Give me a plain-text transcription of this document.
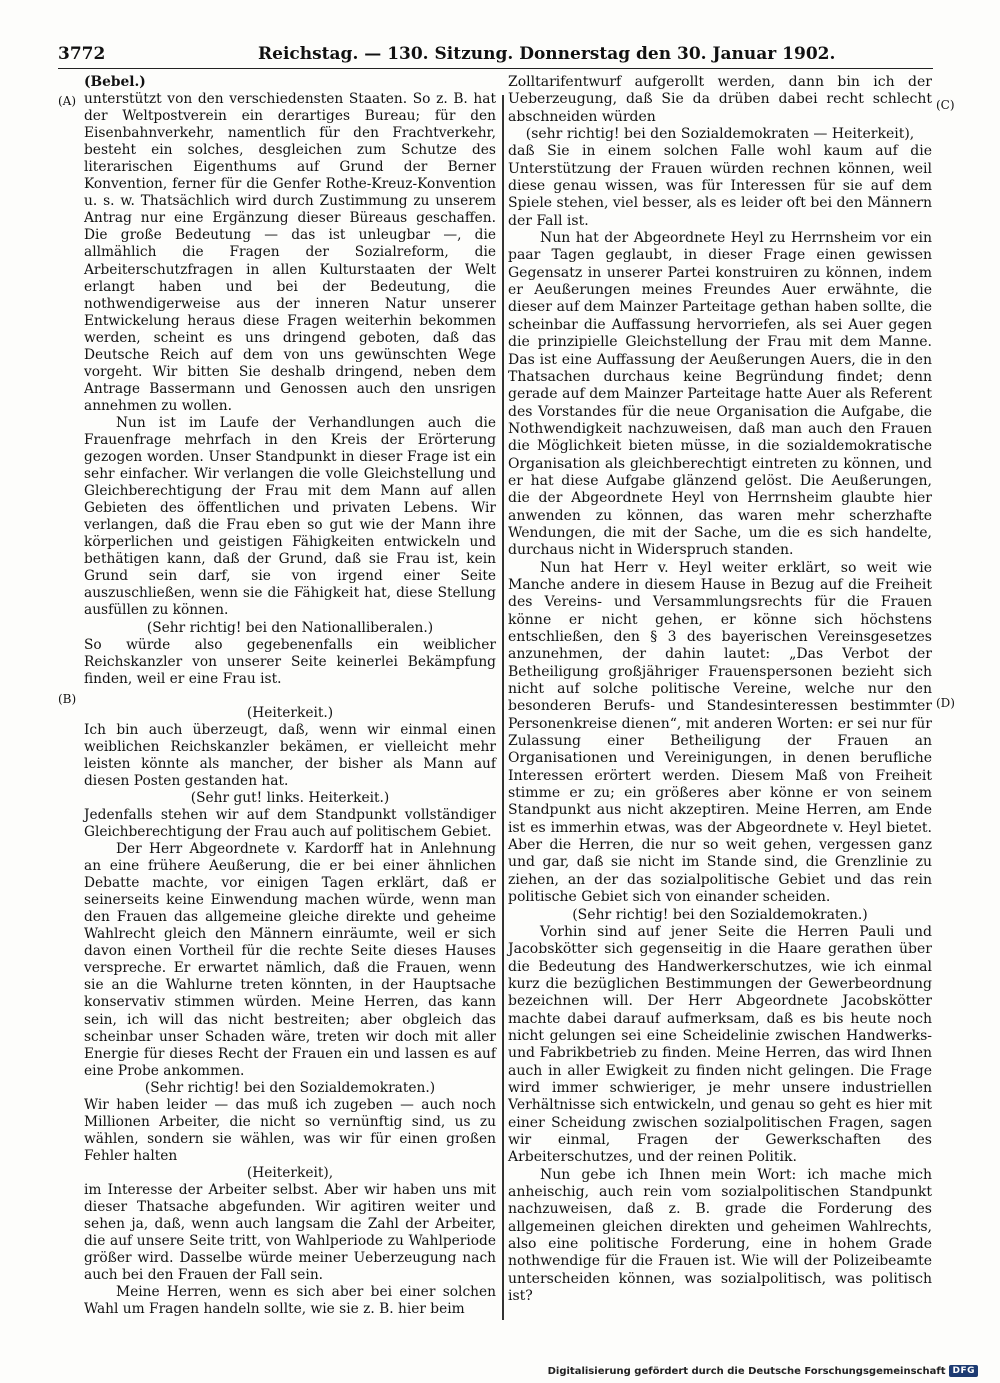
3772	Reichstag. — 130. Sitzung. Donnerstag den 30. Januar 1902.
(A)
(B)
(C)
(D)

(Bebel.)

unterstützt von den verschiedensten Staaten. So z. B. hat der Weltpostverein ein derartiges Bureau; für den Eisenbahnverkehr, namentlich für den Frachtverkehr, besteht ein solches, desgleichen zum Schutze des literarischen Eigenthums auf Grund der Berner Konvention, ferner für die Genfer Rothe-Kreuz-Konvention u. s. w. Thatsächlich wird durch Zustimmung zu unserem Antrag nur eine Ergänzung dieser Büreaus geschaffen. Die große Bedeutung — das ist unleugbar —, die allmählich die Fragen der Sozialreform, die Arbeiterschutzfragen in allen Kulturstaaten der Welt erlangt haben und bei der Bedeutung, die nothwendigerweise aus der inneren Natur unserer Entwickelung heraus diese Fragen weiterhin bekommen werden, scheint es uns dringend geboten, daß das Deutsche Reich auf dem von uns gewünschten Wege vorgeht. Wir bitten Sie deshalb dringend, neben dem Antrage Bassermann und Genossen auch den unsrigen annehmen zu wollen.

Nun ist im Laufe der Verhandlungen auch die Frauenfrage mehrfach in den Kreis der Erörterung gezogen worden. Unser Standpunkt in dieser Frage ist ein sehr einfacher. Wir verlangen die volle Gleichstellung und Gleichberechtigung der Frau mit dem Mann auf allen Gebieten des öffentlichen und privaten Lebens. Wir verlangen, daß die Frau eben so gut wie der Mann ihre körperlichen und geistigen Fähigkeiten entwickeln und bethätigen kann, daß der Grund, daß sie Frau ist, kein Grund sein darf, sie von irgend einer Seite auszuschließen, wenn sie die Fähigkeit hat, diese Stellung ausfüllen zu können.

(Sehr richtig! bei den Nationalliberalen.)

So würde also gegebenenfalls ein weiblicher Reichskanzler von unserer Seite keinerlei Bekämpfung finden, weil er eine Frau ist.

(Heiterkeit.)

Ich bin auch überzeugt, daß, wenn wir einmal einen weiblichen Reichskanzler bekämen, er vielleicht mehr leisten könnte als mancher, der bisher als Mann auf diesen Posten gestanden hat.

(Sehr gut! links. Heiterkeit.)

Jedenfalls stehen wir auf dem Standpunkt vollständiger Gleichberechtigung der Frau auch auf politischem Gebiet.

Der Herr Abgeordnete v. Kardorff hat in Anlehnung an eine frühere Aeußerung, die er bei einer ähnlichen Debatte machte, vor einigen Tagen erklärt, daß er seinerseits keine Einwendung machen würde, wenn man den Frauen das allgemeine gleiche direkte und geheime Wahlrecht gleich den Männern einräumte, weil er sich davon einen Vortheil für die rechte Seite dieses Hauses verspreche. Er erwartet nämlich, daß die Frauen, wenn sie an die Wahlurne treten könnten, in der Hauptsache konservativ stimmen würden. Meine Herren, das kann sein, ich will das nicht bestreiten; aber obgleich das scheinbar unser Schaden wäre, treten wir doch mit aller Energie für dieses Recht der Frauen ein und lassen es auf eine Probe ankommen.

(Sehr richtig! bei den Sozialdemokraten.)

Wir haben leider — das muß ich zugeben — auch noch Millionen Arbeiter, die nicht so vernünftig sind, us zu wählen, sondern sie wählen, was wir für einen großen Fehler halten

(Heiterkeit),

im Interesse der Arbeiter selbst. Aber wir haben uns mit dieser Thatsache abgefunden. Wir agitiren weiter und sehen ja, daß, wenn auch langsam die Zahl der Arbeiter, die auf unsere Seite tritt, von Wahlperiode zu Wahlperiode größer wird. Dasselbe würde meiner Ueberzeugung nach auch bei den Frauen der Fall sein.

Meine Herren, wenn es sich aber bei einer solchen Wahl um Fragen handeln sollte, wie sie z. B. hier beim

Zolltarifentwurf aufgerollt werden, dann bin ich der Ueberzeugung, daß Sie da drüben dabei recht schlecht abschneiden würden

(sehr richtig! bei den Sozialdemokraten — Heiterkeit),

daß Sie in einem solchen Falle wohl kaum auf die Unterstützung der Frauen würden rechnen können, weil diese genau wissen, was für Interessen für sie auf dem Spiele stehen, viel besser, als es leider oft bei den Männern der Fall ist.

Nun hat der Abgeordnete Heyl zu Herrnsheim vor ein paar Tagen geglaubt, in dieser Frage einen gewissen Gegensatz in unserer Partei konstruiren zu können, indem er Aeußerungen meines Freundes Auer erwähnte, die dieser auf dem Mainzer Parteitage gethan haben sollte, die scheinbar die Auffassung hervorriefen, als sei Auer gegen die prinzipielle Gleichstellung der Frau mit dem Manne. Das ist eine Auffassung der Aeußerungen Auers, die in den Thatsachen durchaus keine Begründung findet; denn gerade auf dem Mainzer Parteitage hatte Auer als Referent des Vorstandes für die neue Organisation die Aufgabe, die Nothwendigkeit nachzuweisen, daß man auch den Frauen die Möglichkeit bieten müsse, in die sozialdemokratische Organisation als gleichberechtigt eintreten zu können, und er hat diese Aufgabe glänzend gelöst. Die Aeußerungen, die der Abgeordnete Heyl von Herrnsheim glaubte hier anwenden zu können, das waren mehr scherzhafte Wendungen, die mit der Sache, um die es sich handelte, durchaus nicht in Widerspruch standen.

Nun hat Herr v. Heyl weiter erklärt, so weit wie Manche andere in diesem Hause in Bezug auf die Freiheit des Vereins- und Versammlungsrechts für die Frauen könne er nicht gehen, er könne sich höchstens entschließen, den § 3 des bayerischen Vereinsgesetzes anzunehmen, der dahin lautet: „Das Verbot der Betheiligung großjähriger Frauenspersonen bezieht sich nicht auf solche politische Vereine, welche nur den besonderen Berufs- und Standesinteressen bestimmter Personenkreise dienen“, mit anderen Worten: er sei nur für Zulassung einer Betheiligung der Frauen an Organisationen und Vereinigungen, in denen berufliche Interessen erörtert werden. Diesem Maß von Freiheit stimme er zu; ein größeres aber könne er von seinem Standpunkt aus nicht akzeptiren. Meine Herren, am Ende ist es immerhin etwas, was der Abgeordnete v. Heyl bietet. Aber die Herren, die nur so weit gehen, vergessen ganz und gar, daß sie nicht im Stande sind, die Grenzlinie zu ziehen, an der das sozialpolitische Gebiet und das rein politische Gebiet sich von einander scheiden.

(Sehr richtig! bei den Sozialdemokraten.)

Vorhin sind auf jener Seite die Herren Pauli und Jacobskötter sich gegenseitig in die Haare gerathen über die Bedeutung des Handwerkerschutzes, wie ich einmal kurz die bezüglichen Bestimmungen der Gewerbeordnung bezeichnen will. Der Herr Abgeordnete Jacobskötter machte dabei darauf aufmerksam, daß es bis heute noch nicht gelungen sei eine Scheidelinie zwischen Handwerks- und Fabrikbetrieb zu finden. Meine Herren, das wird Ihnen auch in aller Ewigkeit zu finden nicht gelingen. Die Frage wird immer schwieriger, je mehr unsere industriellen Verhältnisse sich entwickeln, und genau so geht es hier mit einer Scheidung zwischen sozialpolitischen Fragen, sagen wir einmal, Fragen der Gewerkschaften des Arbeiterschutzes, und der reinen Politik.

Nun gebe ich Ihnen mein Wort: ich mache mich anheischig, auch rein vom sozialpolitischen Standpunkt nachzuweisen, daß z. B. grade die Forderung des allgemeinen gleichen direkten und geheimen Wahlrechts, also eine politische Forderung, eine in hohem Grade nothwendige für die Frauen ist. Wie will der Polizeibeamte unterscheiden können, was sozialpolitisch, was politisch ist?

Digitalisierung gefördert durch die Deutsche Forschungsgemeinschaft DFG
